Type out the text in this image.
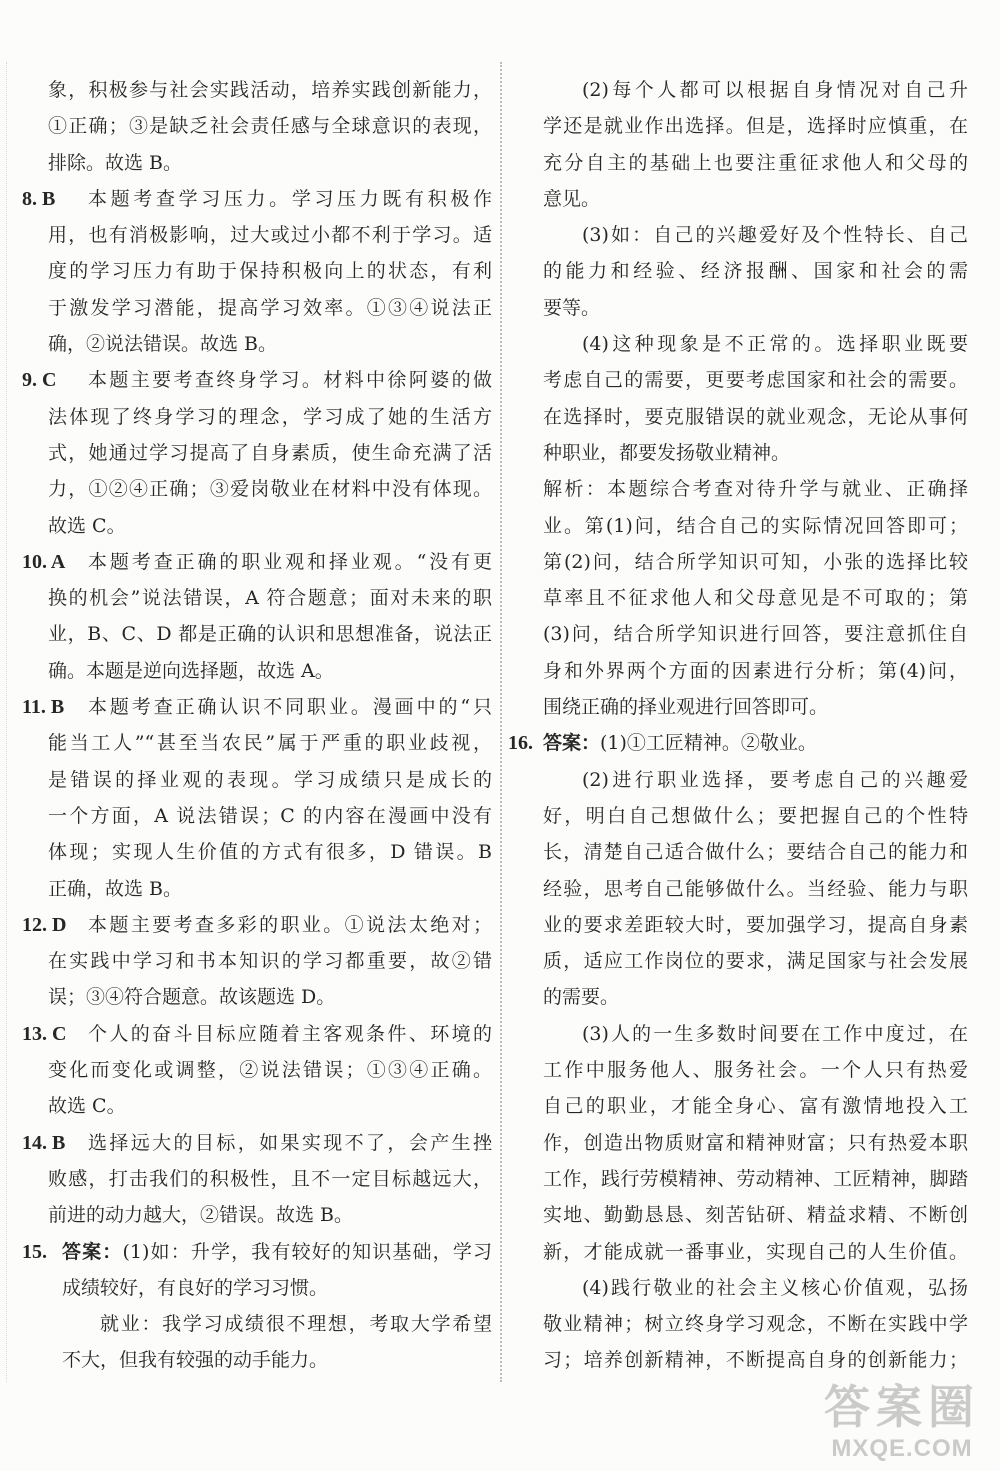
象，积极参与社会实践活动，培养实践创新能力，
①正确；③是缺乏社会责任感与全球意识的表现，
排除。故选 B。
8. B 本题考查学习压力。学习压力既有积极作
用，也有消极影响，过大或过小都不利于学习。适
度的学习压力有助于保持积极向上的状态，有利
于激发学习潜能，提高学习效率。①③④说法正
确，②说法错误。故选 B。
9. C 本题主要考查终身学习。材料中徐阿婆的做
法体现了终身学习的理念，学习成了她的生活方
式，她通过学习提高了自身素质，使生命充满了活
力，①②④正确；③爱岗敬业在材料中没有体现。
故选 C。
10. A 本题考查正确的职业观和择业观。“没有更
换的机会”说法错误，A 符合题意；面对未来的职
业，B、C、D 都是正确的认识和思想准备，说法正
确。本题是逆向选择题，故选 A。
11. B 本题考查正确认识不同职业。漫画中的“只
能当工人”“甚至当农民”属于严重的职业歧视，
是错误的择业观的表现。学习成绩只是成长的
一个方面，A 说法错误；C 的内容在漫画中没有
体现；实现人生价值的方式有很多，D 错误。B
正确，故选 B。
12. D 本题主要考查多彩的职业。①说法太绝对；
在实践中学习和书本知识的学习都重要，故②错
误；③④符合题意。故该题选 D。
13. C 个人的奋斗目标应随着主客观条件、环境的
变化而变化或调整，②说法错误；①③④正确。
故选 C。
14. B 选择远大的目标，如果实现不了，会产生挫
败感，打击我们的积极性，且不一定目标越远大，
前进的动力越大，②错误。故选 B。
15. 答案：(1)如：升学，我有较好的知识基础，学习
成绩较好，有良好的学习习惯。
就业：我学习成绩很不理想，考取大学希望
不大，但我有较强的动手能力。
(2)每个人都可以根据自身情况对自己升
学还是就业作出选择。但是，选择时应慎重，在
充分自主的基础上也要注重征求他人和父母的
意见。
(3)如：自己的兴趣爱好及个性特长、自己
的能力和经验、经济报酬、国家和社会的需
要等。
(4)这种现象是不正常的。选择职业既要
考虑自己的需要，更要考虑国家和社会的需要。
在选择时，要克服错误的就业观念，无论从事何
种职业，都要发扬敬业精神。
解析：本题综合考查对待升学与就业、正确择
业。第(1)问，结合自己的实际情况回答即可；
第(2)问，结合所学知识可知，小张的选择比较
草率且不征求他人和父母意见是不可取的；第
(3)问，结合所学知识进行回答，要注意抓住自
身和外界两个方面的因素进行分析；第(4)问，
围绕正确的择业观进行回答即可。
16. 答案：(1)①工匠精神。②敬业。
(2)进行职业选择，要考虑自己的兴趣爱
好，明白自己想做什么；要把握自己的个性特
长，清楚自己适合做什么；要结合自己的能力和
经验，思考自己能够做什么。当经验、能力与职
业的要求差距较大时，要加强学习，提高自身素
质，适应工作岗位的要求，满足国家与社会发展
的需要。
(3)人的一生多数时间要在工作中度过，在
工作中服务他人、服务社会。一个人只有热爱
自己的职业，才能全身心、富有激情地投入工
作，创造出物质财富和精神财富；只有热爱本职
工作，践行劳模精神、劳动精神、工匠精神，脚踏
实地、勤勤恳恳、刻苦钻研、精益求精、不断创
新，才能成就一番事业，实现自己的人生价值。
(4)践行敬业的社会主义核心价值观，弘扬
敬业精神；树立终身学习观念，不断在实践中学
习；培养创新精神，不断提高自身的创新能力；
答案圈
MXQE.COM
